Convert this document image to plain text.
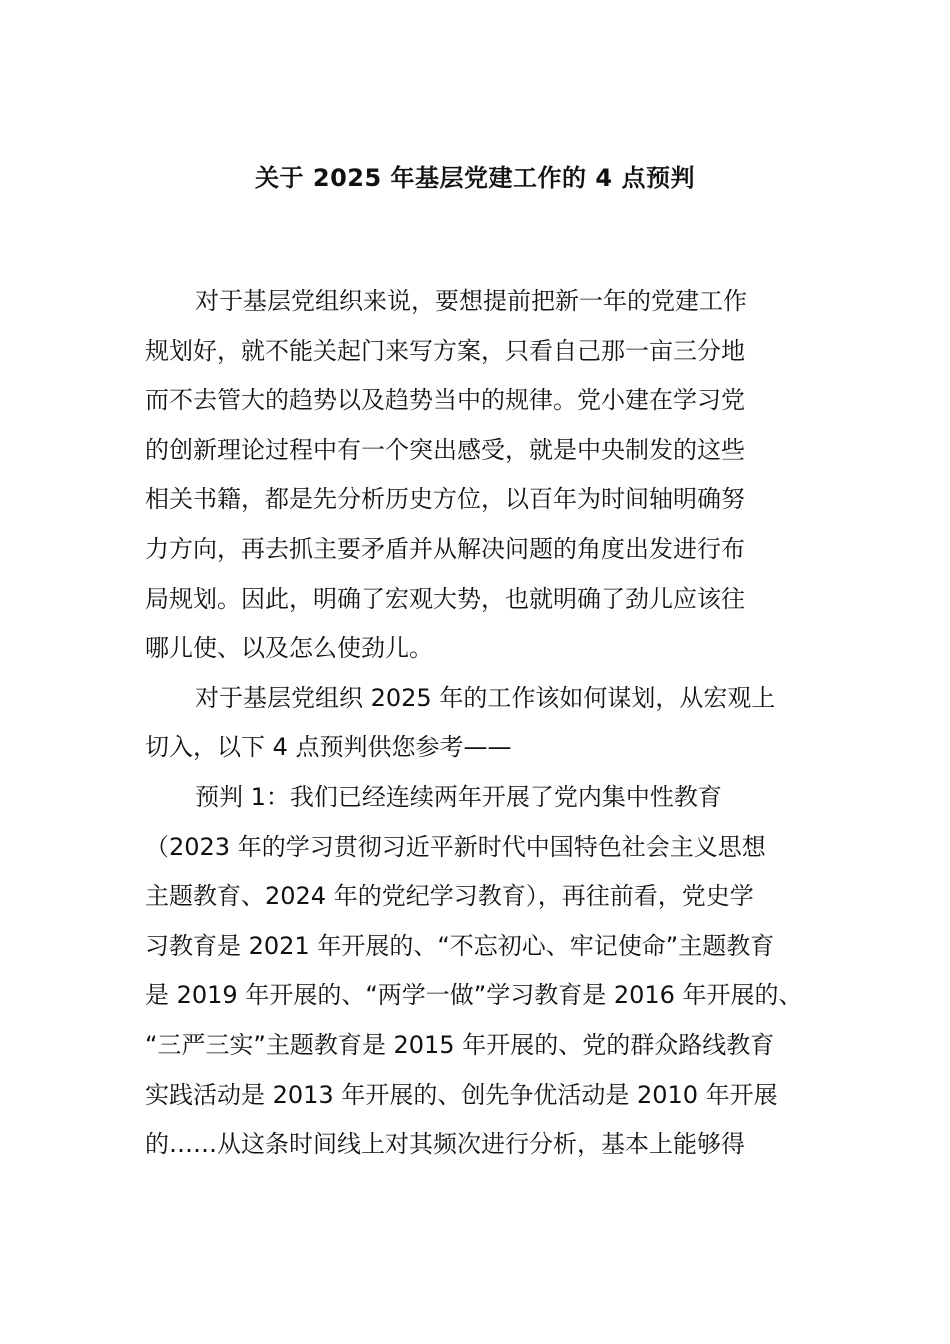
关于 2025 年基层党建工作的 4 点预判
对于基层党组织来说，要想提前把新一年的党建工作
规划好，就不能关起门来写方案，只看自己那一亩三分地
而不去管大的趋势以及趋势当中的规律。党小建在学习党
的创新理论过程中有一个突出感受，就是中央制发的这些
相关书籍，都是先分析历史方位，以百年为时间轴明确努
力方向，再去抓主要矛盾并从解决问题的角度出发进行布
局规划。因此，明确了宏观大势，也就明确了劲儿应该往
哪儿使、以及怎么使劲儿。
对于基层党组织 2025 年的工作该如何谋划，从宏观上
切入，以下 4 点预判供您参考——
预判 1：我们已经连续两年开展了党内集中性教育
（2023 年的学习贯彻习近平新时代中国特色社会主义思想
主题教育、2024 年的党纪学习教育），再往前看，党史学
习教育是 2021 年开展的、“不忘初心、牢记使命”主题教育
是 2019 年开展的、“两学一做”学习教育是 2016 年开展的、
“三严三实”主题教育是 2015 年开展的、党的群众路线教育
实践活动是 2013 年开展的、创先争优活动是 2010 年开展
的……从这条时间线上对其频次进行分析，基本上能够得
